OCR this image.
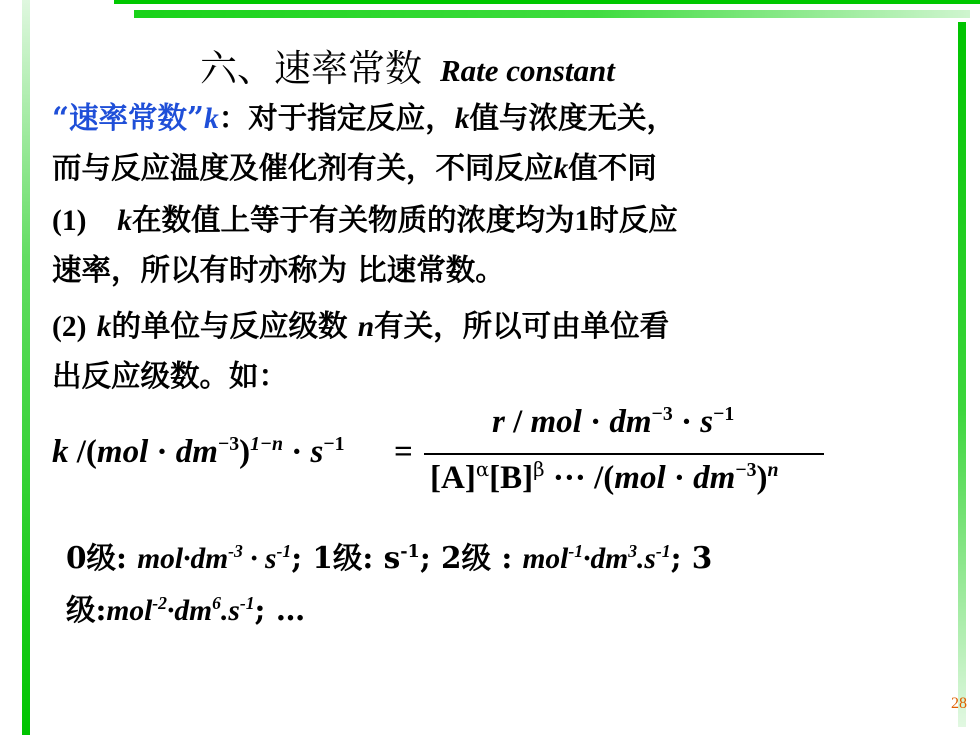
六、速率常数 Rate constant
“速率常数”k：对于指定反应，k值与浓度无关，
而与反应温度及催化剂有关，不同反应k值不同
(1) k在数值上等于有关物质的浓度均为1时反应
速率，所以有时亦称为 比速常数。
(2) k的单位与反应级数 n有关，所以可由单位看
出反应级数。如：
k $/(mol \cdot dm^{-3})^{1-n} \cdot s^{-1}$ =
r / mol · $dm^{-3} \cdot s^{-1}$
$[A]^\alpha[B]^\beta$ ··· $/(mol \cdot dm^{-3})^n$
0级: $mol\cdot dm^{-3} \cdot s^{-1}$; 1级: $s^{-1}$; 2级 : $mol^{-1}\cdot dm^3.s^{-1}$; 3
级$:mol^{-2}\cdot dm^6.s^{-1}$; …
28
